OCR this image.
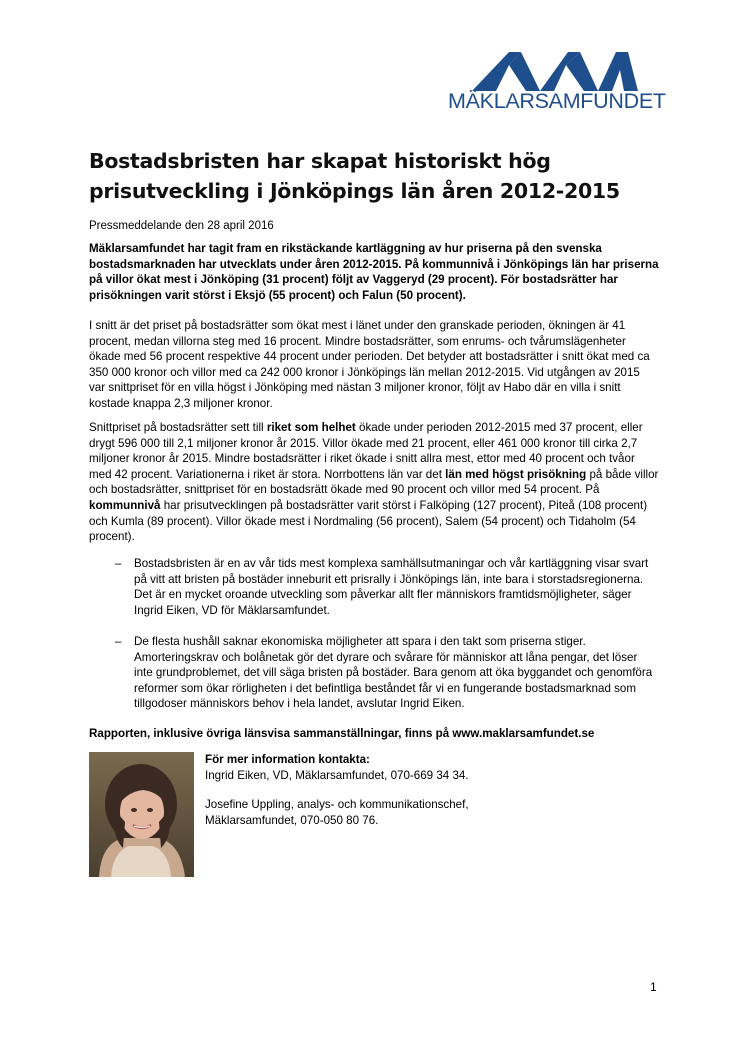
MÄKLARSAMFUNDET
Bostadsbristen har skapat historiskt hög prisutveckling i Jönköpings län åren 2012-2015
Pressmeddelande den 28 april 2016
Mäklarsamfundet har tagit fram en rikstäckande kartläggning av hur priserna på den svenska bostadsmarknaden har utvecklats under åren 2012-2015. På kommunnivå i Jönköpings län har priserna på villor ökat mest i Jönköping (31 procent) följt av Vaggeryd (29 procent). För bostadsrätter har prisökningen varit störst i Eksjö (55 procent) och Falun (50 procent).
I snitt är det priset på bostadsrätter som ökat mest i länet under den granskade perioden, ökningen är 41 procent, medan villorna steg med 16 procent. Mindre bostadsrätter, som enrums- och tvårumslägenheter ökade med 56 procent respektive 44 procent under perioden. Det betyder att bostadsrätter i snitt ökat med ca 350 000 kronor och villor med ca 242 000 kronor i Jönköpings län mellan 2012-2015. Vid utgången av 2015 var snittpriset för en villa högst i Jönköping med nästan 3 miljoner kronor, följt av Habo där en villa i snitt kostade knappa 2,3 miljoner kronor.
Snittpriset på bostadsrätter sett till riket som helhet ökade under perioden 2012-2015 med 37 procent, eller drygt 596 000 till 2,1 miljoner kronor år 2015. Villor ökade med 21 procent, eller 461 000 kronor till cirka 2,7 miljoner kronor år 2015. Mindre bostadsrätter i riket ökade i snitt allra mest, ettor med 40 procent och tvåor med 42 procent. Variationerna i riket är stora. Norrbottens län var det län med högst prisökning på både villor och bostadsrätter, snittpriset för en bostadsrätt ökade med 90 procent och villor med 54 procent. På kommunnivå har prisutvecklingen på bostadsrätter varit störst i Falköping (127 procent), Piteå (108 procent) och Kumla (89 procent). Villor ökade mest i Nordmaling (56 procent), Salem (54 procent) och Tidaholm (54 procent).
– Bostadsbristen är en av vår tids mest komplexa samhällsutmaningar och vår kartläggning visar svart på vitt att bristen på bostäder inneburit ett prisrally i Jönköpings län, inte bara i storstadsregionerna. Det är en mycket oroande utveckling som påverkar allt fler människors framtidsmöjligheter, säger Ingrid Eiken, VD för Mäklarsamfundet.
– De flesta hushåll saknar ekonomiska möjligheter att spara i den takt som priserna stiger. Amorteringskrav och bolånetak gör det dyrare och svårare för människor att låna pengar, det löser inte grundproblemet, det vill säga bristen på bostäder. Bara genom att öka byggandet och genomföra reformer som ökar rörligheten i det befintliga beståndet får vi en fungerande bostadsmarknad som tillgodoser människors behov i hela landet, avslutar Ingrid Eiken.
Rapporten, inklusive övriga länsvisa sammanställningar, finns på www.maklarsamfundet.se
För mer information kontakta:
Ingrid Eiken, VD, Mäklarsamfundet, 070-669 34 34.
Josefine Uppling, analys- och kommunikationschef,
Mäklarsamfundet, 070-050 80 76.
1
